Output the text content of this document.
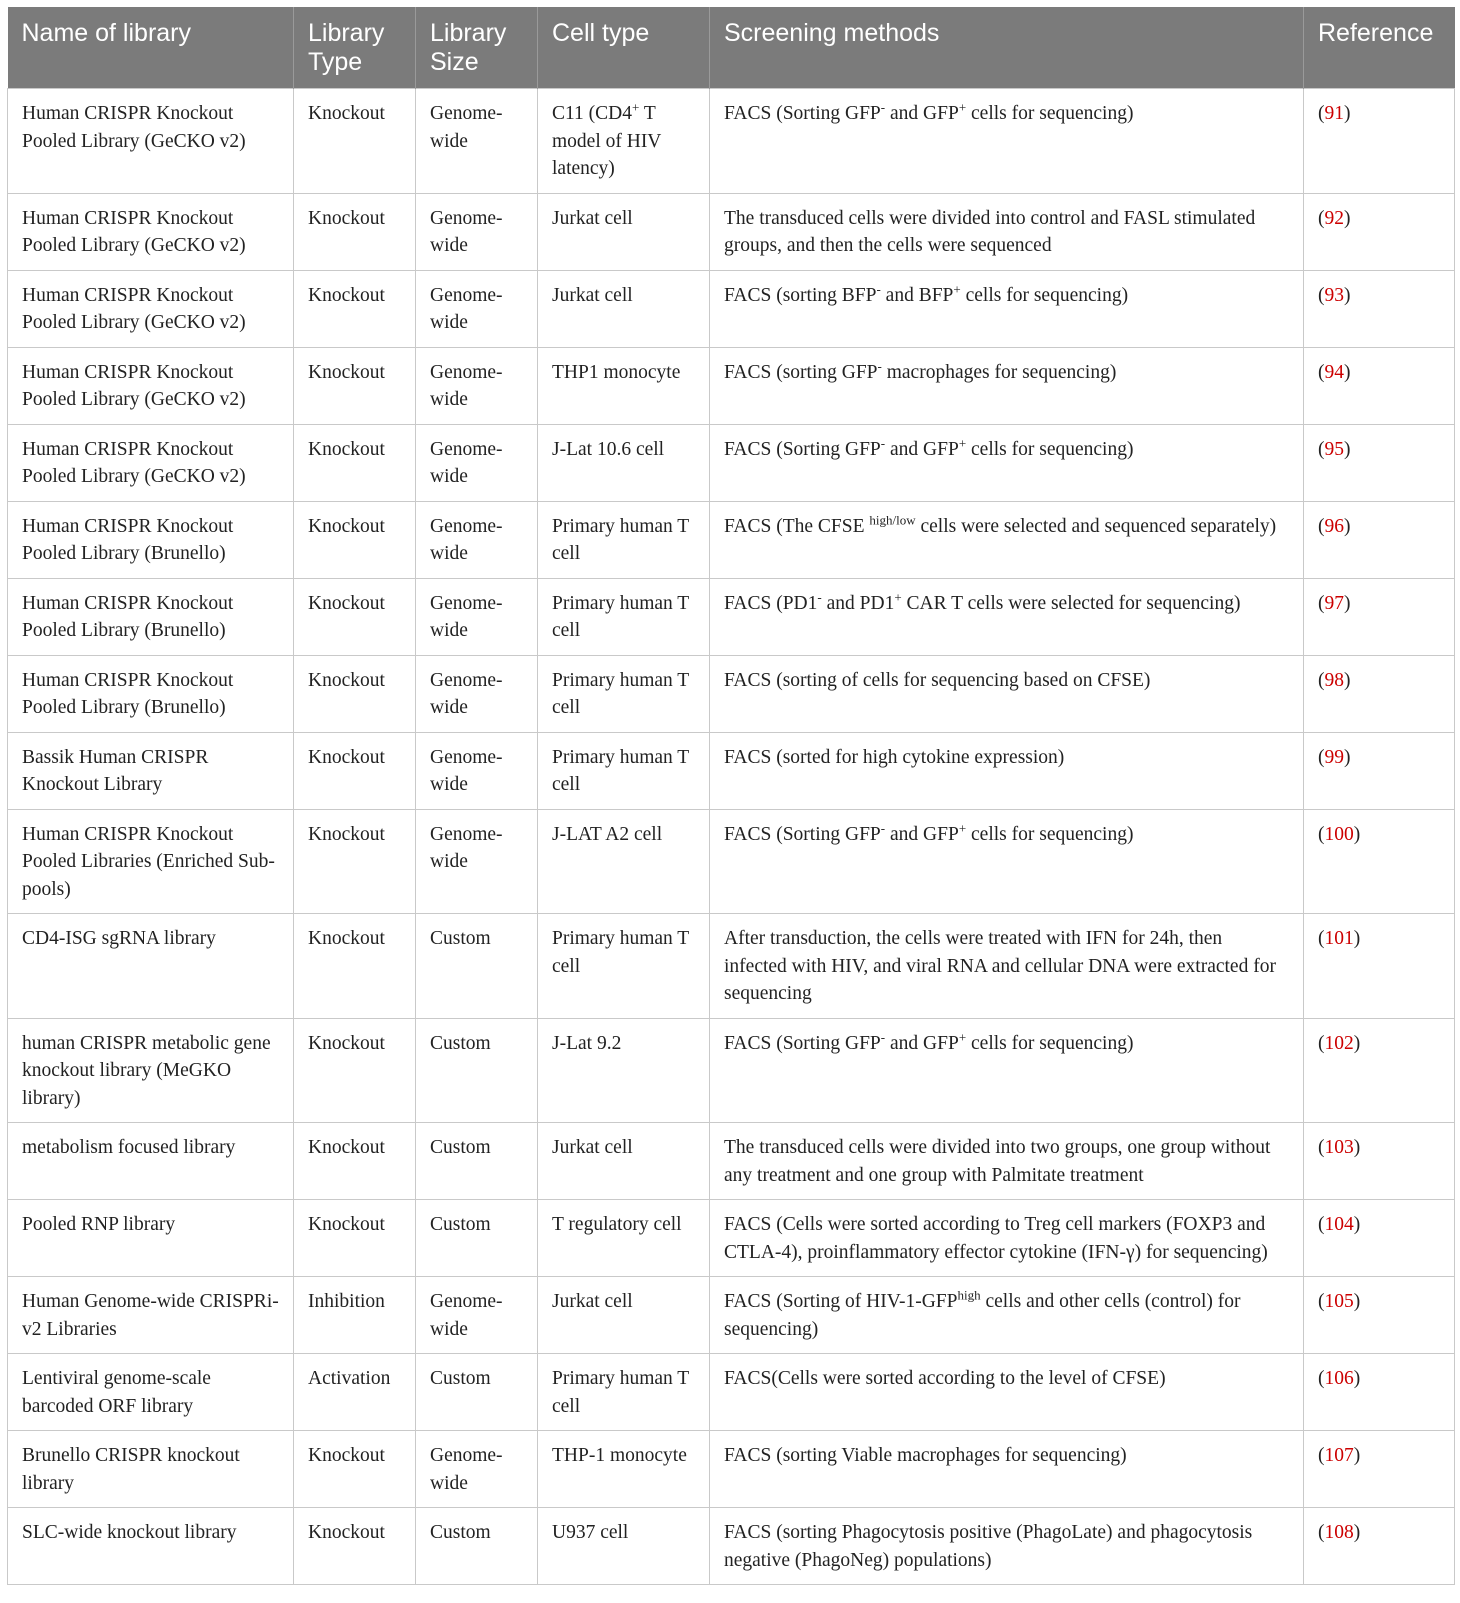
Name of library	Library Type	Library Size	Cell type	Screening methods	Reference
Human CRISPR Knockout Pooled Library (GeCKO v2)	Knockout	Genome-wide	C11 (CD4+ T model of HIV latency)	FACS (Sorting GFP- and GFP+ cells for sequencing)	(91)
Human CRISPR Knockout Pooled Library (GeCKO v2)	Knockout	Genome-wide	Jurkat cell	The transduced cells were divided into control and FASL stimulated groups, and then the cells were sequenced	(92)
Human CRISPR Knockout Pooled Library (GeCKO v2)	Knockout	Genome-wide	Jurkat cell	FACS (sorting BFP- and BFP+ cells for sequencing)	(93)
Human CRISPR Knockout Pooled Library (GeCKO v2)	Knockout	Genome-wide	THP1 monocyte	FACS (sorting GFP- macrophages for sequencing)	(94)
Human CRISPR Knockout Pooled Library (GeCKO v2)	Knockout	Genome-wide	J-Lat 10.6 cell	FACS (Sorting GFP- and GFP+ cells for sequencing)	(95)
Human CRISPR Knockout Pooled Library (Brunello)	Knockout	Genome-wide	Primary human T cell	FACS (The CFSE $^{high/low}$ cells were selected and sequenced separately)	(96)
Human CRISPR Knockout Pooled Library (Brunello)	Knockout	Genome-wide	Primary human T cell	FACS (PD1- and PD1+ CAR T cells were selected for sequencing)	(97)
Human CRISPR Knockout Pooled Library (Brunello)	Knockout	Genome-wide	Primary human T cell	FACS (sorting of cells for sequencing based on CFSE)	(98)
Bassik Human CRISPR Knockout Library	Knockout	Genome-wide	Primary human T cell	FACS (sorted for high cytokine expression)	(99)
Human CRISPR Knockout Pooled Libraries (Enriched Sub-pools)	Knockout	Genome-wide	J-LAT A2 cell	FACS (Sorting GFP- and GFP+ cells for sequencing)	(100)
CD4-ISG sgRNA library	Knockout	Custom	Primary human T cell	After transduction, the cells were treated with IFN for 24h, then infected with HIV, and viral RNA and cellular DNA were extracted for sequencing	(101)
human CRISPR metabolic gene knockout library (MeGKO library)	Knockout	Custom	J-Lat 9.2	FACS (Sorting GFP- and GFP+ cells for sequencing)	(102)
metabolism focused library	Knockout	Custom	Jurkat cell	The transduced cells were divided into two groups, one group without any treatment and one group with Palmitate treatment	(103)
Pooled RNP library	Knockout	Custom	T regulatory cell	FACS (Cells were sorted according to Treg cell markers (FOXP3 and CTLA-4), proinflammatory effector cytokine (IFN-γ) for sequencing)	(104)
Human Genome-wide CRISPRi-v2 Libraries	Inhibition	Genome-wide	Jurkat cell	FACS (Sorting of HIV-$1-GFP^{high}$ cells and other cells (control) for sequencing)	(105)
Lentiviral genome-scale barcoded ORF library	Activation	Custom	Primary human T cell	FACS(Cells were sorted according to the level of CFSE)	(106)
Brunello CRISPR knockout library	Knockout	Genome-wide	THP-1 monocyte	FACS (sorting Viable macrophages for sequencing)	(107)
SLC-wide knockout library	Knockout	Custom	U937 cell	FACS (sorting Phagocytosis positive (PhagoLate) and phagocytosis negative (PhagoNeg) populations)	(108)
